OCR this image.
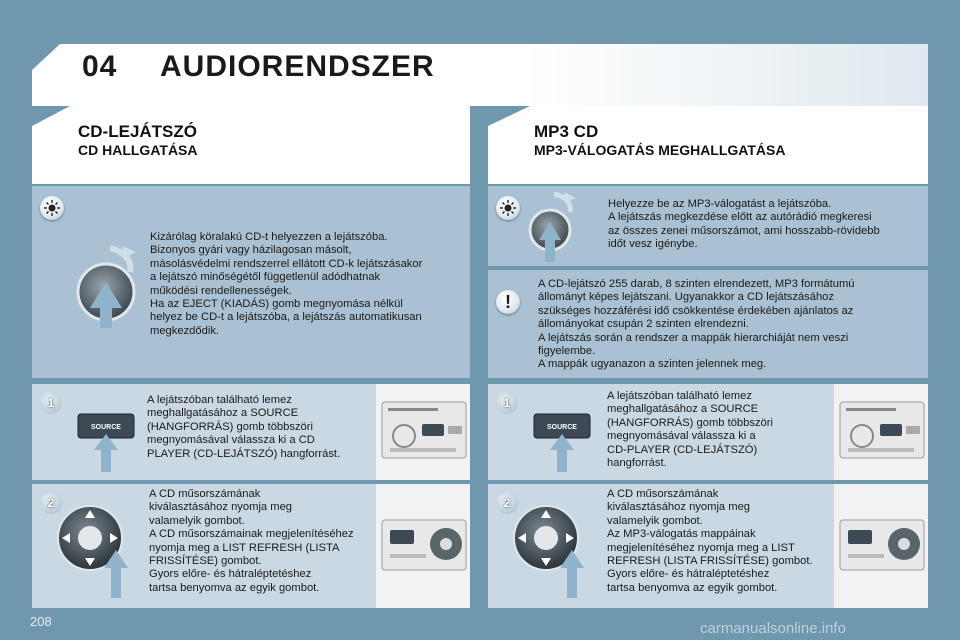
04 AUDIORENDSZER
CD-LEJÁTSZÓ
CD HALLGATÁSA
MP3 CD
MP3-VÁLOGATÁS MEGHALLGATÁSA
Kizárólag köralakú CD-t helyezzen a lejátszóba.
Bizonyos gyári vagy házilagosan másolt,
másolásvédelmi rendszerrel ellátott CD-k lejátszásakor
a lejátszó minőségétől függetlenül adódhatnak
működési rendellenességek.
Ha az EJECT (KIADÁS) gomb megnyomása nélkül
helyez be CD-t a lejátszóba, a lejátszás automatikusan
megkezdődik.
1
SOURCE
A lejátszóban található lemez
meghallgatásához a SOURCE
(HANGFORRÁS) gomb többszöri
megnyomásával válassza ki a CD
PLAYER (CD-LEJÁTSZÓ) hangforrást.
2
A CD műsorszámának
kiválasztásához nyomja meg
valamelyik gombot.
A CD műsorszámainak megjelenítéséhez
nyomja meg a LIST REFRESH (LISTA
FRISSÍTÉSE) gombot.
Gyors előre- és hátraléptetéshez
tartsa benyomva az egyik gombot.
Helyezze be az MP3-válogatást a lejátszóba.
A lejátszás megkezdése előtt az autórádió megkeresi
az összes zenei műsorszámot, ami hosszabb-rövidebb
időt vesz igénybe.
!
A CD-lejátszó 255 darab, 8 szinten elrendezett, MP3 formátumú
állományt képes lejátszani. Ugyanakkor a CD lejátszásához
szükséges hozzáférési idő csökkentése érdekében ajánlatos az
állományokat csupán 2 szinten elrendezni.
A lejátszás során a rendszer a mappák hierarchiáját nem veszi
figyelembe.
A mappák ugyanazon a szinten jelennek meg.
1
SOURCE
A lejátszóban található lemez
meghallgatásához a SOURCE
(HANGFORRÁS) gomb többszöri
megnyomásával válassza ki a
CD-PLAYER (CD-LEJÁTSZÓ)
hangforrást.
2
A CD műsorszámának
kiválasztásához nyomja meg
valamelyik gombot.
Az MP3-válogatás mappáinak
megjelenítéséhez nyomja meg a LIST
REFRESH (LISTA FRISSÍTÉSE) gombot.
Gyors előre- és hátraléptetéshez
tartsa benyomva az egyik gombot.
208	carmanualsonline.info
